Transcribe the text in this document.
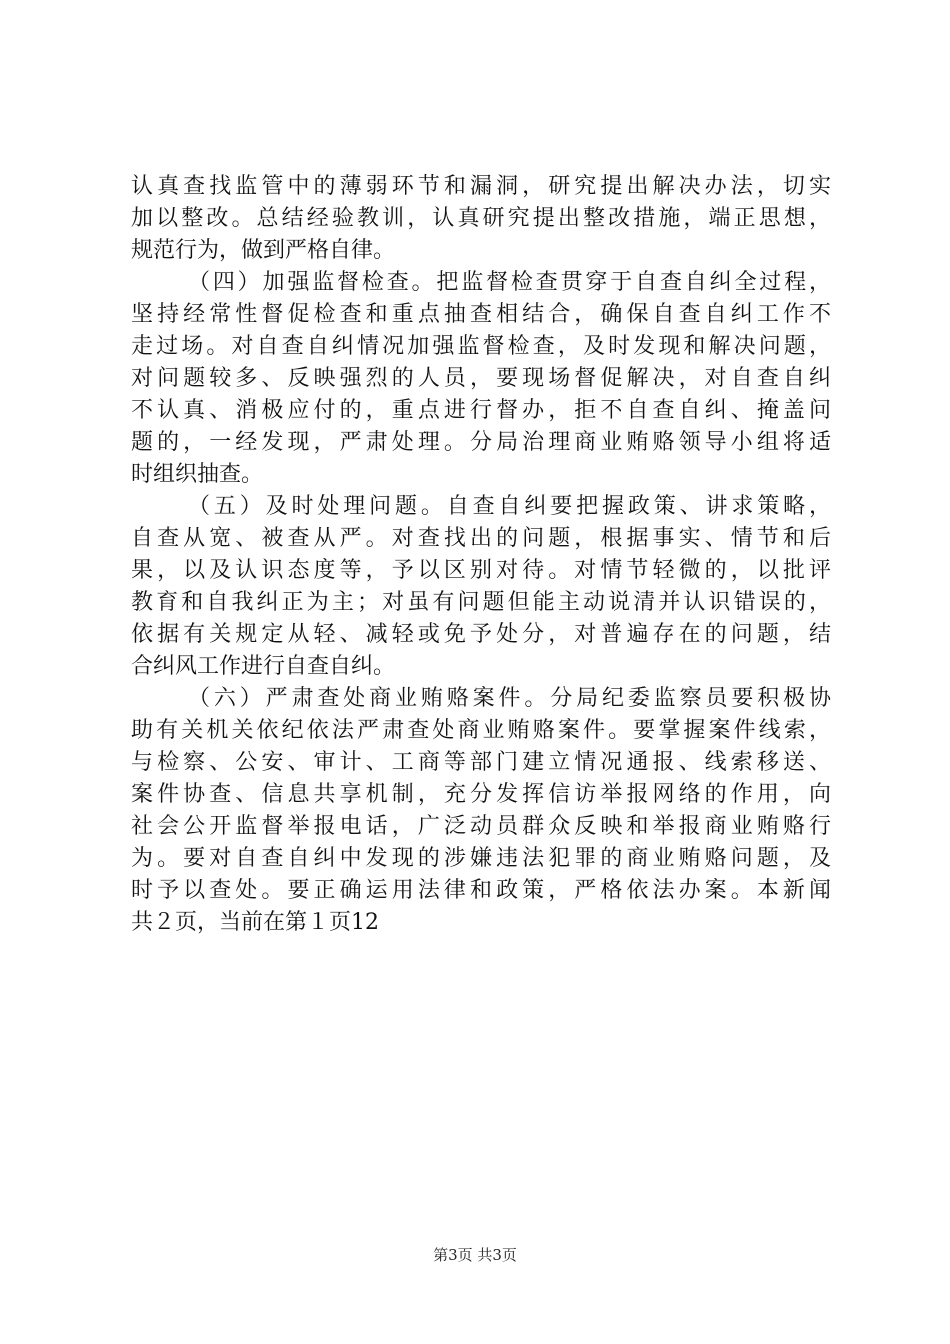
认真查找监管中的薄弱环节和漏洞，研究提出解决办法，切实
加以整改。总结经验教训，认真研究提出整改措施，端正思想，
规范行为，做到严格自律。
（四）加强监督检查。把监督检查贯穿于自查自纠全过程，
坚持经常性督促检查和重点抽查相结合，确保自查自纠工作不
走过场。对自查自纠情况加强监督检查，及时发现和解决问题，
对问题较多、反映强烈的人员，要现场督促解决，对自查自纠
不认真、消极应付的，重点进行督办，拒不自查自纠、掩盖问
题的，一经发现，严肃处理。分局治理商业贿赂领导小组将适
时组织抽查。
（五）及时处理问题。自查自纠要把握政策、讲求策略，
自查从宽、被查从严。对查找出的问题，根据事实、情节和后
果，以及认识态度等，予以区别对待。对情节轻微的，以批评
教育和自我纠正为主；对虽有问题但能主动说清并认识错误的，
依据有关规定从轻、减轻或免予处分，对普遍存在的问题，结
合纠风工作进行自查自纠。
（六）严肃查处商业贿赂案件。分局纪委监察员要积极协
助有关机关依纪依法严肃查处商业贿赂案件。要掌握案件线索，
与检察、公安、审计、工商等部门建立情况通报、线索移送、
案件协查、信息共享机制，充分发挥信访举报网络的作用，向
社会公开监督举报电话，广泛动员群众反映和举报商业贿赂行
为。要对自查自纠中发现的涉嫌违法犯罪的商业贿赂问题，及
时予以查处。要正确运用法律和政策，严格依法办案。本新闻
共２页，当前在第１页12
第3页 共3页
